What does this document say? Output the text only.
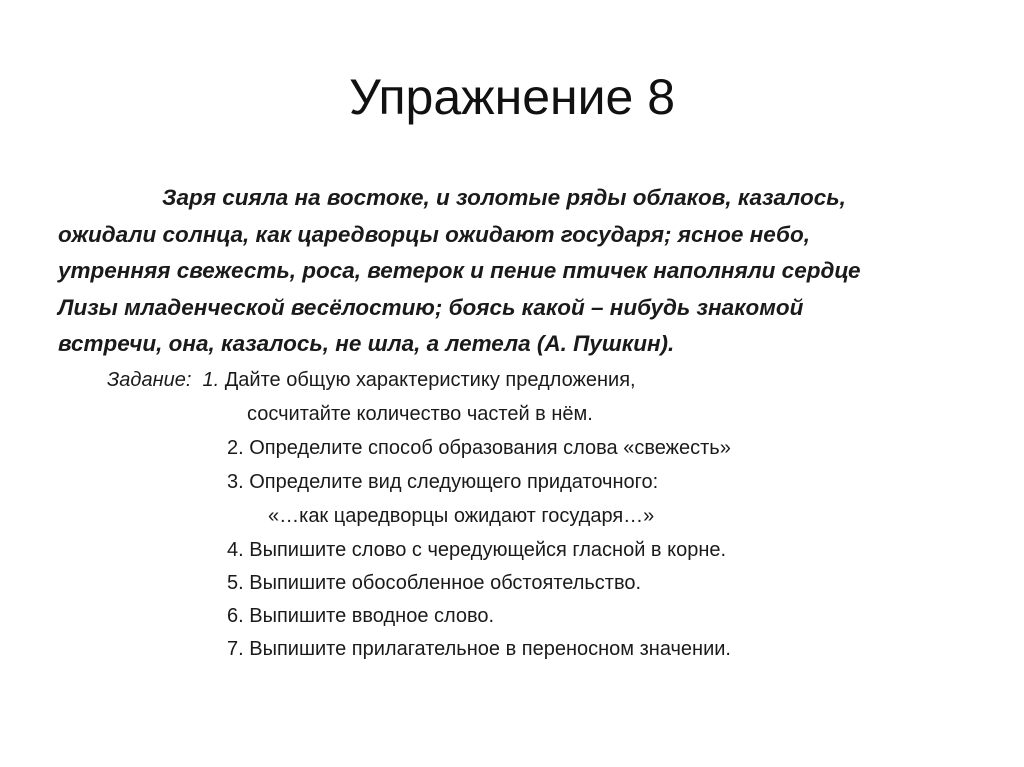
Упражнение 8
Заря сияла на востоке, и золотые ряды облаков, казалось,
ожидали солнца, как царедворцы ожидают государя; ясное небо,
утренняя свежесть, роса, ветерок и пение птичек наполняли сердце
Лизы младенческой весёлостию; боясь какой – нибудь знакомой
встречи, она, казалось, не шла, а летела (А. Пушкин).
Задание: 1. Дайте общую характеристику предложения,
сосчитайте количество частей в нём.
2. Определите способ образования слова «свежесть»
3. Определите вид следующего придаточного:
«…как царедворцы ожидают государя…»
4. Выпишите слово с чередующейся гласной в корне.
5. Выпишите обособленное обстоятельство.
6. Выпишите вводное слово.
7. Выпишите прилагательное в переносном значении.
